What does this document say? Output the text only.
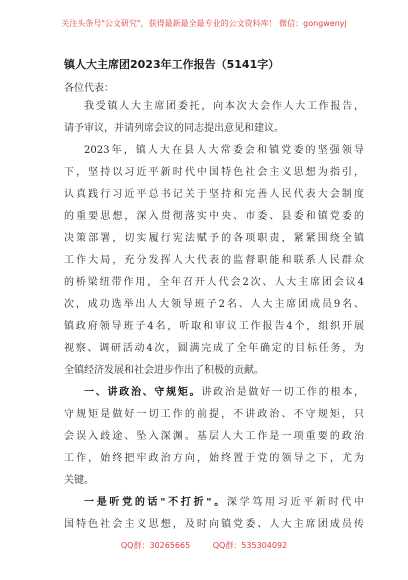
关注头条号"公文研究"，获得最新最全最专业的公文资料库！ 微信：gongwenyj
镇人大主席团2023年工作报告（5141字）
各位代表：

我受镇人大主席团委托，向本次大会作人大工作报告，
请予审议，并请列席会议的同志提出意见和建议。

2023年，镇人大在县人大常委会和镇党委的坚强领导
下，坚持以习近平新时代中国特色社会主义思想为指引，
认真践行习近平总书记关于坚持和完善人民代表大会制度
的重要思想，深入贯彻落实中央、市委、县委和镇党委的
决策部署，切实履行宪法赋予的各项职责，紧紧围绕全镇
工作大局，充分发挥人大代表的监督职能和联系人民群众
的桥梁纽带作用，全年召开人代会2次、人大主席团会议4
次，成功选举出人大领导班子2名、人大主席团成员9名、
镇政府领导班子4名，听取和审议工作报告4个，组织开展
视察、调研活动4次，圆满完成了全年确定的目标任务，为
全镇经济发展和社会进步作出了积极的贡献。

一、讲政治、守规矩。讲政治是做好一切工作的根本，
守规矩是做好一切工作的前提，不讲政治、不守规矩，只
会误入歧途、坠入深渊。基层人大工作是一项重要的政治
工作，始终把牢政治方向，始终置于党的领导之下，尤为
关键。

一是听党的话"不打折"。深学笃用习近平新时代中
国特色社会主义思想，及时向镇党委、人大主席团成员传

QQ群：30265665	QQ群：535304092
